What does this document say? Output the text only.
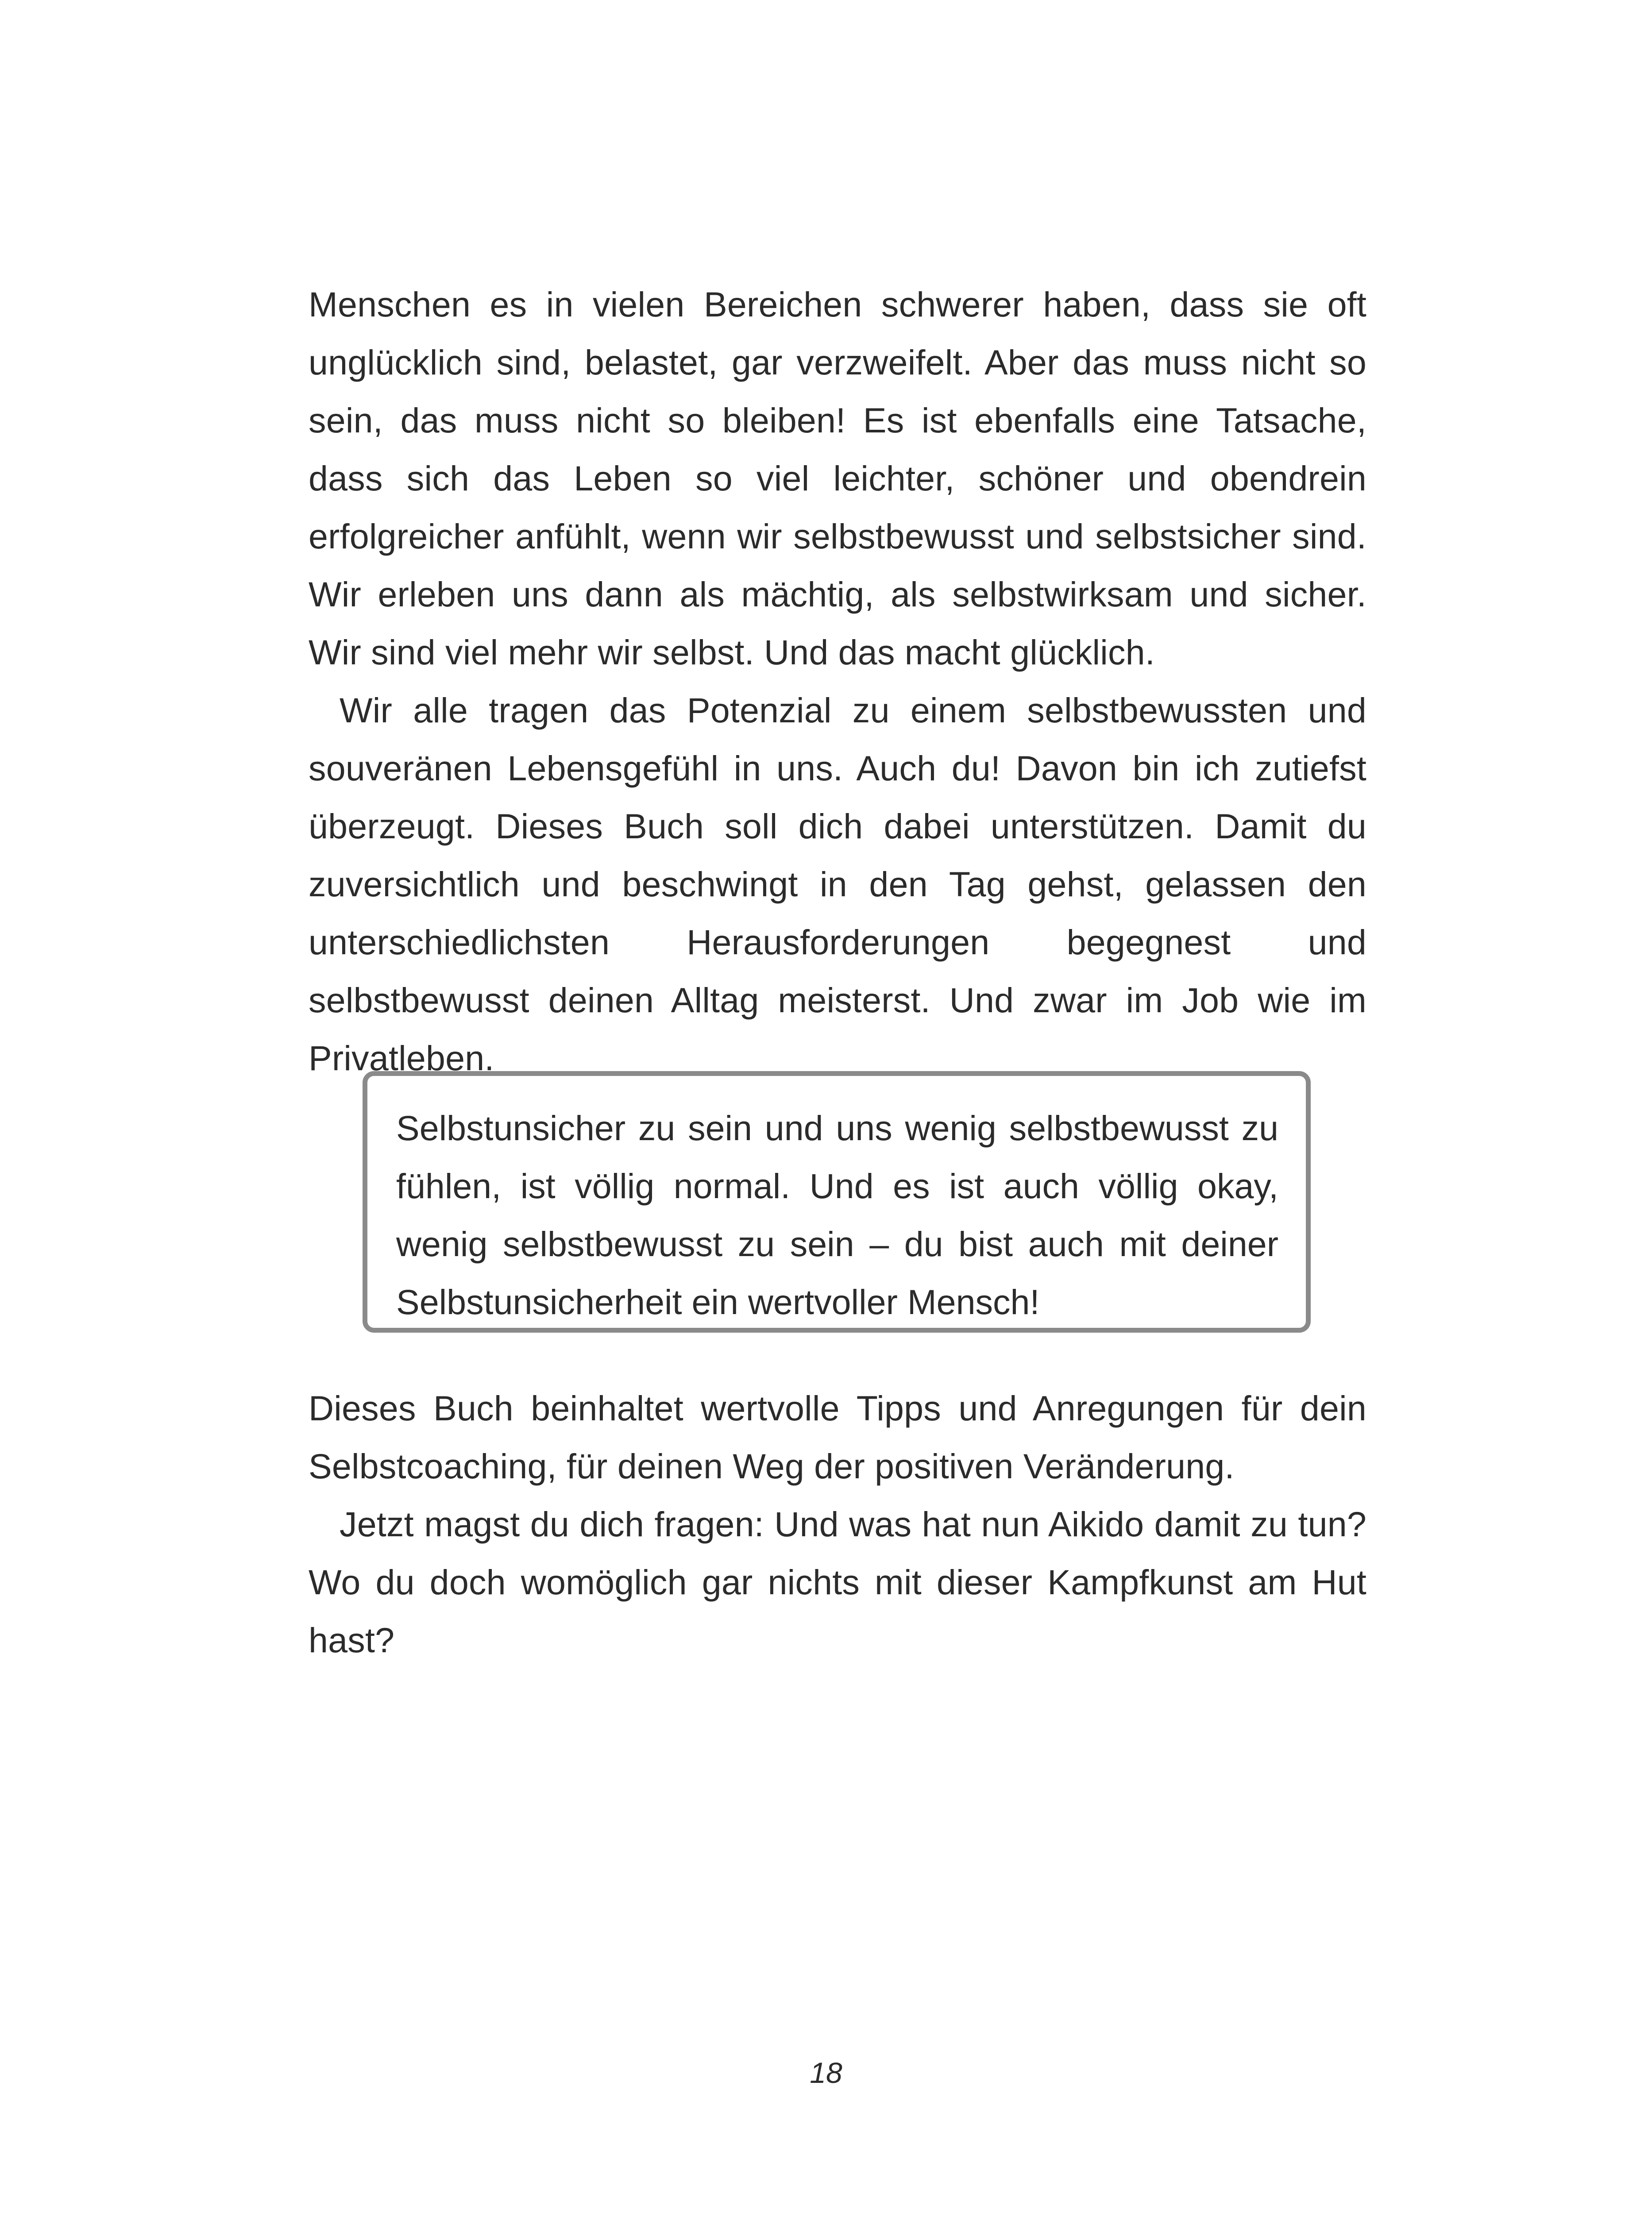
Menschen es in vielen Bereichen schwerer haben, dass sie oft unglücklich sind, belastet, gar verzweifelt. Aber das muss nicht so sein, das muss nicht so bleiben! Es ist ebenfalls eine Tatsache, dass sich das Leben so viel leichter, schöner und obendrein erfolgreicher anfühlt, wenn wir selbstbewusst und selbstsicher sind. Wir erleben uns dann als mächtig, als selbstwirksam und sicher. Wir sind viel mehr wir selbst. Und das macht glücklich.

Wir alle tragen das Potenzial zu einem selbstbewussten und souveränen Lebensgefühl in uns. Auch du! Davon bin ich zutiefst überzeugt. Dieses Buch soll dich dabei unterstützen. Damit du zuversichtlich und beschwingt in den Tag gehst, gelassen den unterschiedlichsten Herausforderungen begegnest und selbstbewusst deinen Alltag meisterst. Und zwar im Job wie im Privatleben.

Selbstunsicher zu sein und uns wenig selbstbewusst zu fühlen, ist völlig normal. Und es ist auch völlig okay, wenig selbstbewusst zu sein – du bist auch mit deiner Selbstunsicherheit ein wertvoller Mensch!

Dieses Buch beinhaltet wertvolle Tipps und Anregungen für dein Selbstcoaching, für deinen Weg der positiven Veränderung.

Jetzt magst du dich fragen: Und was hat nun Aikido damit zu tun? Wo du doch womöglich gar nichts mit dieser Kampfkunst am Hut hast?

18
